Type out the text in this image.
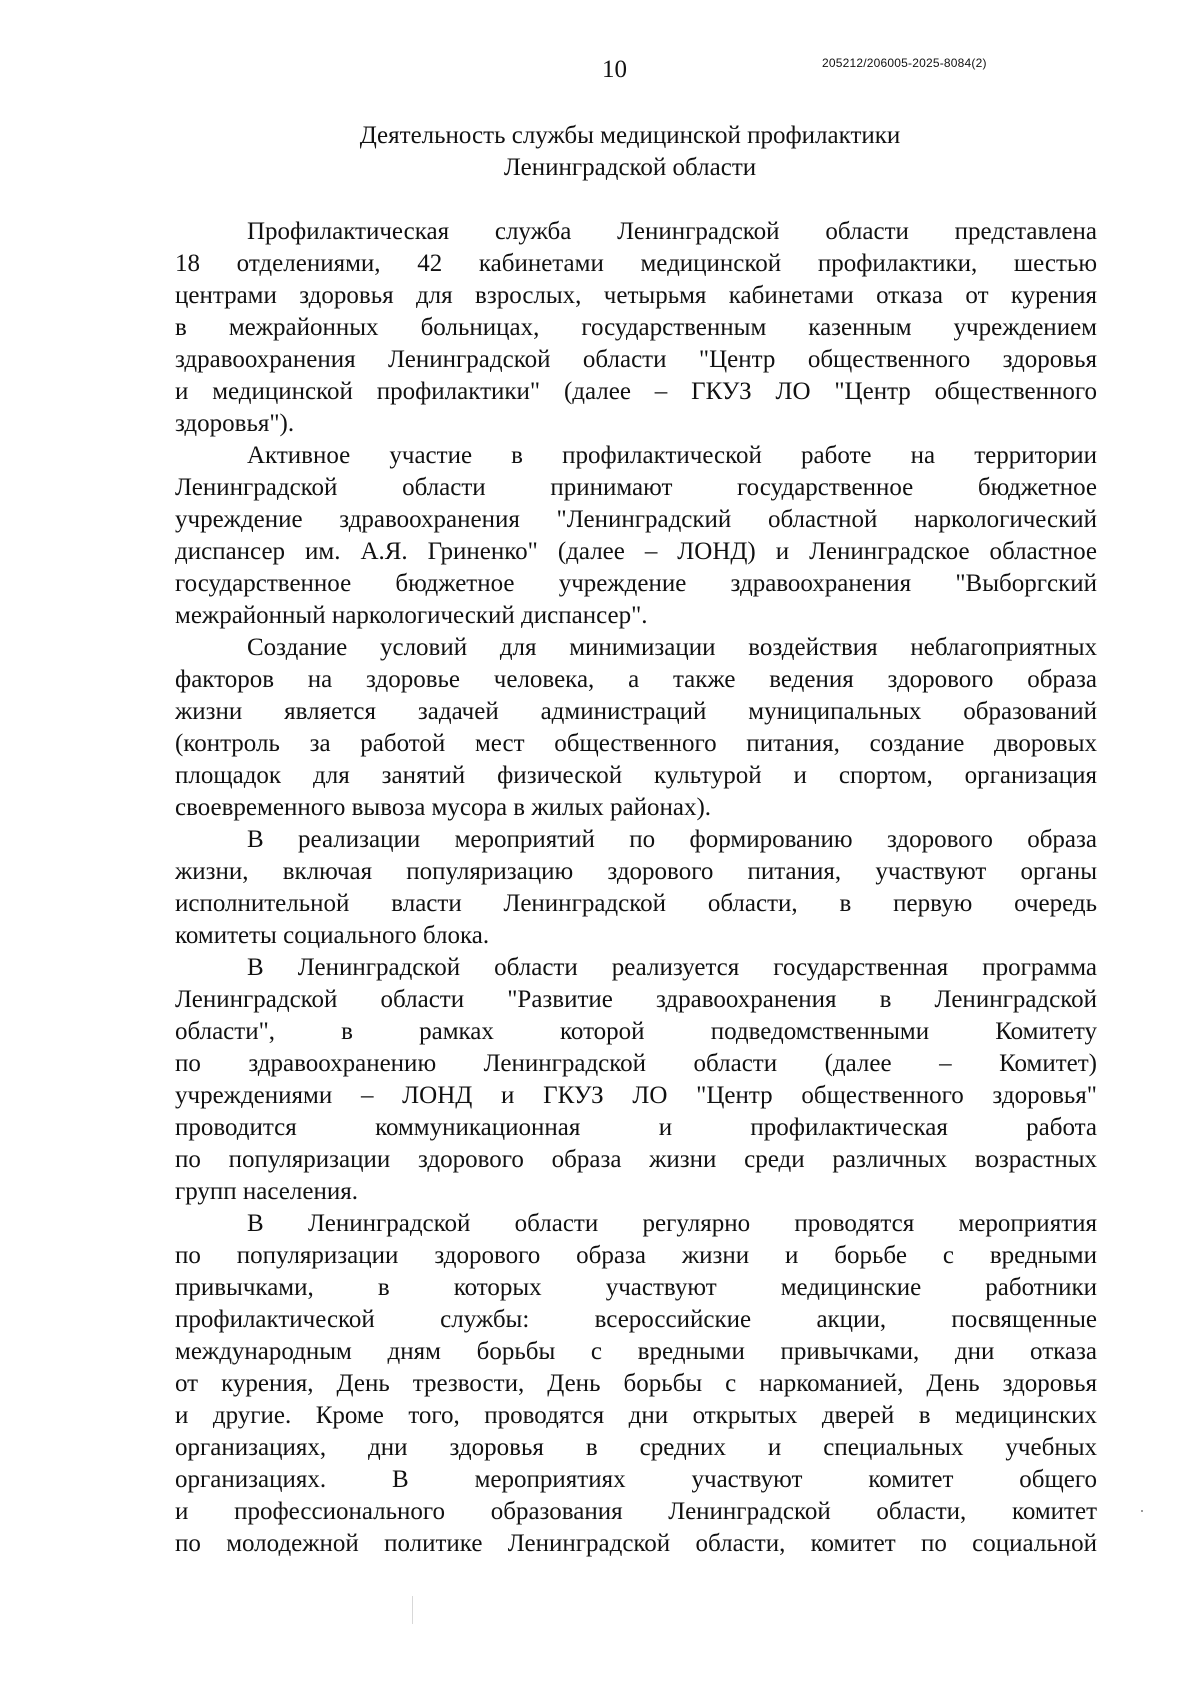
10	205212/206005-2025-8084(2)
Деятельность службы медицинской профилактики
Ленинградской области
Профилактическая служба Ленинградской области представлена
18 отделениями, 42 кабинетами медицинской профилактики, шестью
центрами здоровья для взрослых, четырьмя кабинетами отказа от курения
в межрайонных больницах, государственным казенным учреждением
здравоохранения Ленинградской области "Центр общественного здоровья
и медицинской профилактики" (далее – ГКУЗ ЛО "Центр общественного
здоровья").
Активное участие в профилактической работе на территории
Ленинградской области принимают государственное бюджетное
учреждение здравоохранения "Ленинградский областной наркологический
диспансер им. А.Я. Гриненко" (далее – ЛОНД) и Ленинградское областное
государственное бюджетное учреждение здравоохранения "Выборгский
межрайонный наркологический диспансер".
Создание условий для минимизации воздействия неблагоприятных
факторов на здоровье человека, а также ведения здорового образа
жизни является задачей администраций муниципальных образований
(контроль за работой мест общественного питания, создание дворовых
площадок для занятий физической культурой и спортом, организация
своевременного вывоза мусора в жилых районах).
В реализации мероприятий по формированию здорового образа
жизни, включая популяризацию здорового питания, участвуют органы
исполнительной власти Ленинградской области, в первую очередь
комитеты социального блока.
В Ленинградской области реализуется государственная программа
Ленинградской области "Развитие здравоохранения в Ленинградской
области", в рамках которой подведомственными Комитету
по здравоохранению Ленинградской области (далее – Комитет)
учреждениями – ЛОНД и ГКУЗ ЛО "Центр общественного здоровья"
проводится коммуникационная и профилактическая работа
по популяризации здорового образа жизни среди различных возрастных
групп населения.
В Ленинградской области регулярно проводятся мероприятия
по популяризации здорового образа жизни и борьбе с вредными
привычками, в которых участвуют медицинские работники
профилактической службы: всероссийские акции, посвященные
международным дням борьбы с вредными привычками, дни отказа
от курения, День трезвости, День борьбы с наркоманией, День здоровья
и другие. Кроме того, проводятся дни открытых дверей в медицинских
организациях, дни здоровья в средних и специальных учебных
организациях. В мероприятиях участвуют комитет общего
и профессионального образования Ленинградской области, комитет
по молодежной политике Ленинградской области, комитет по социальной
